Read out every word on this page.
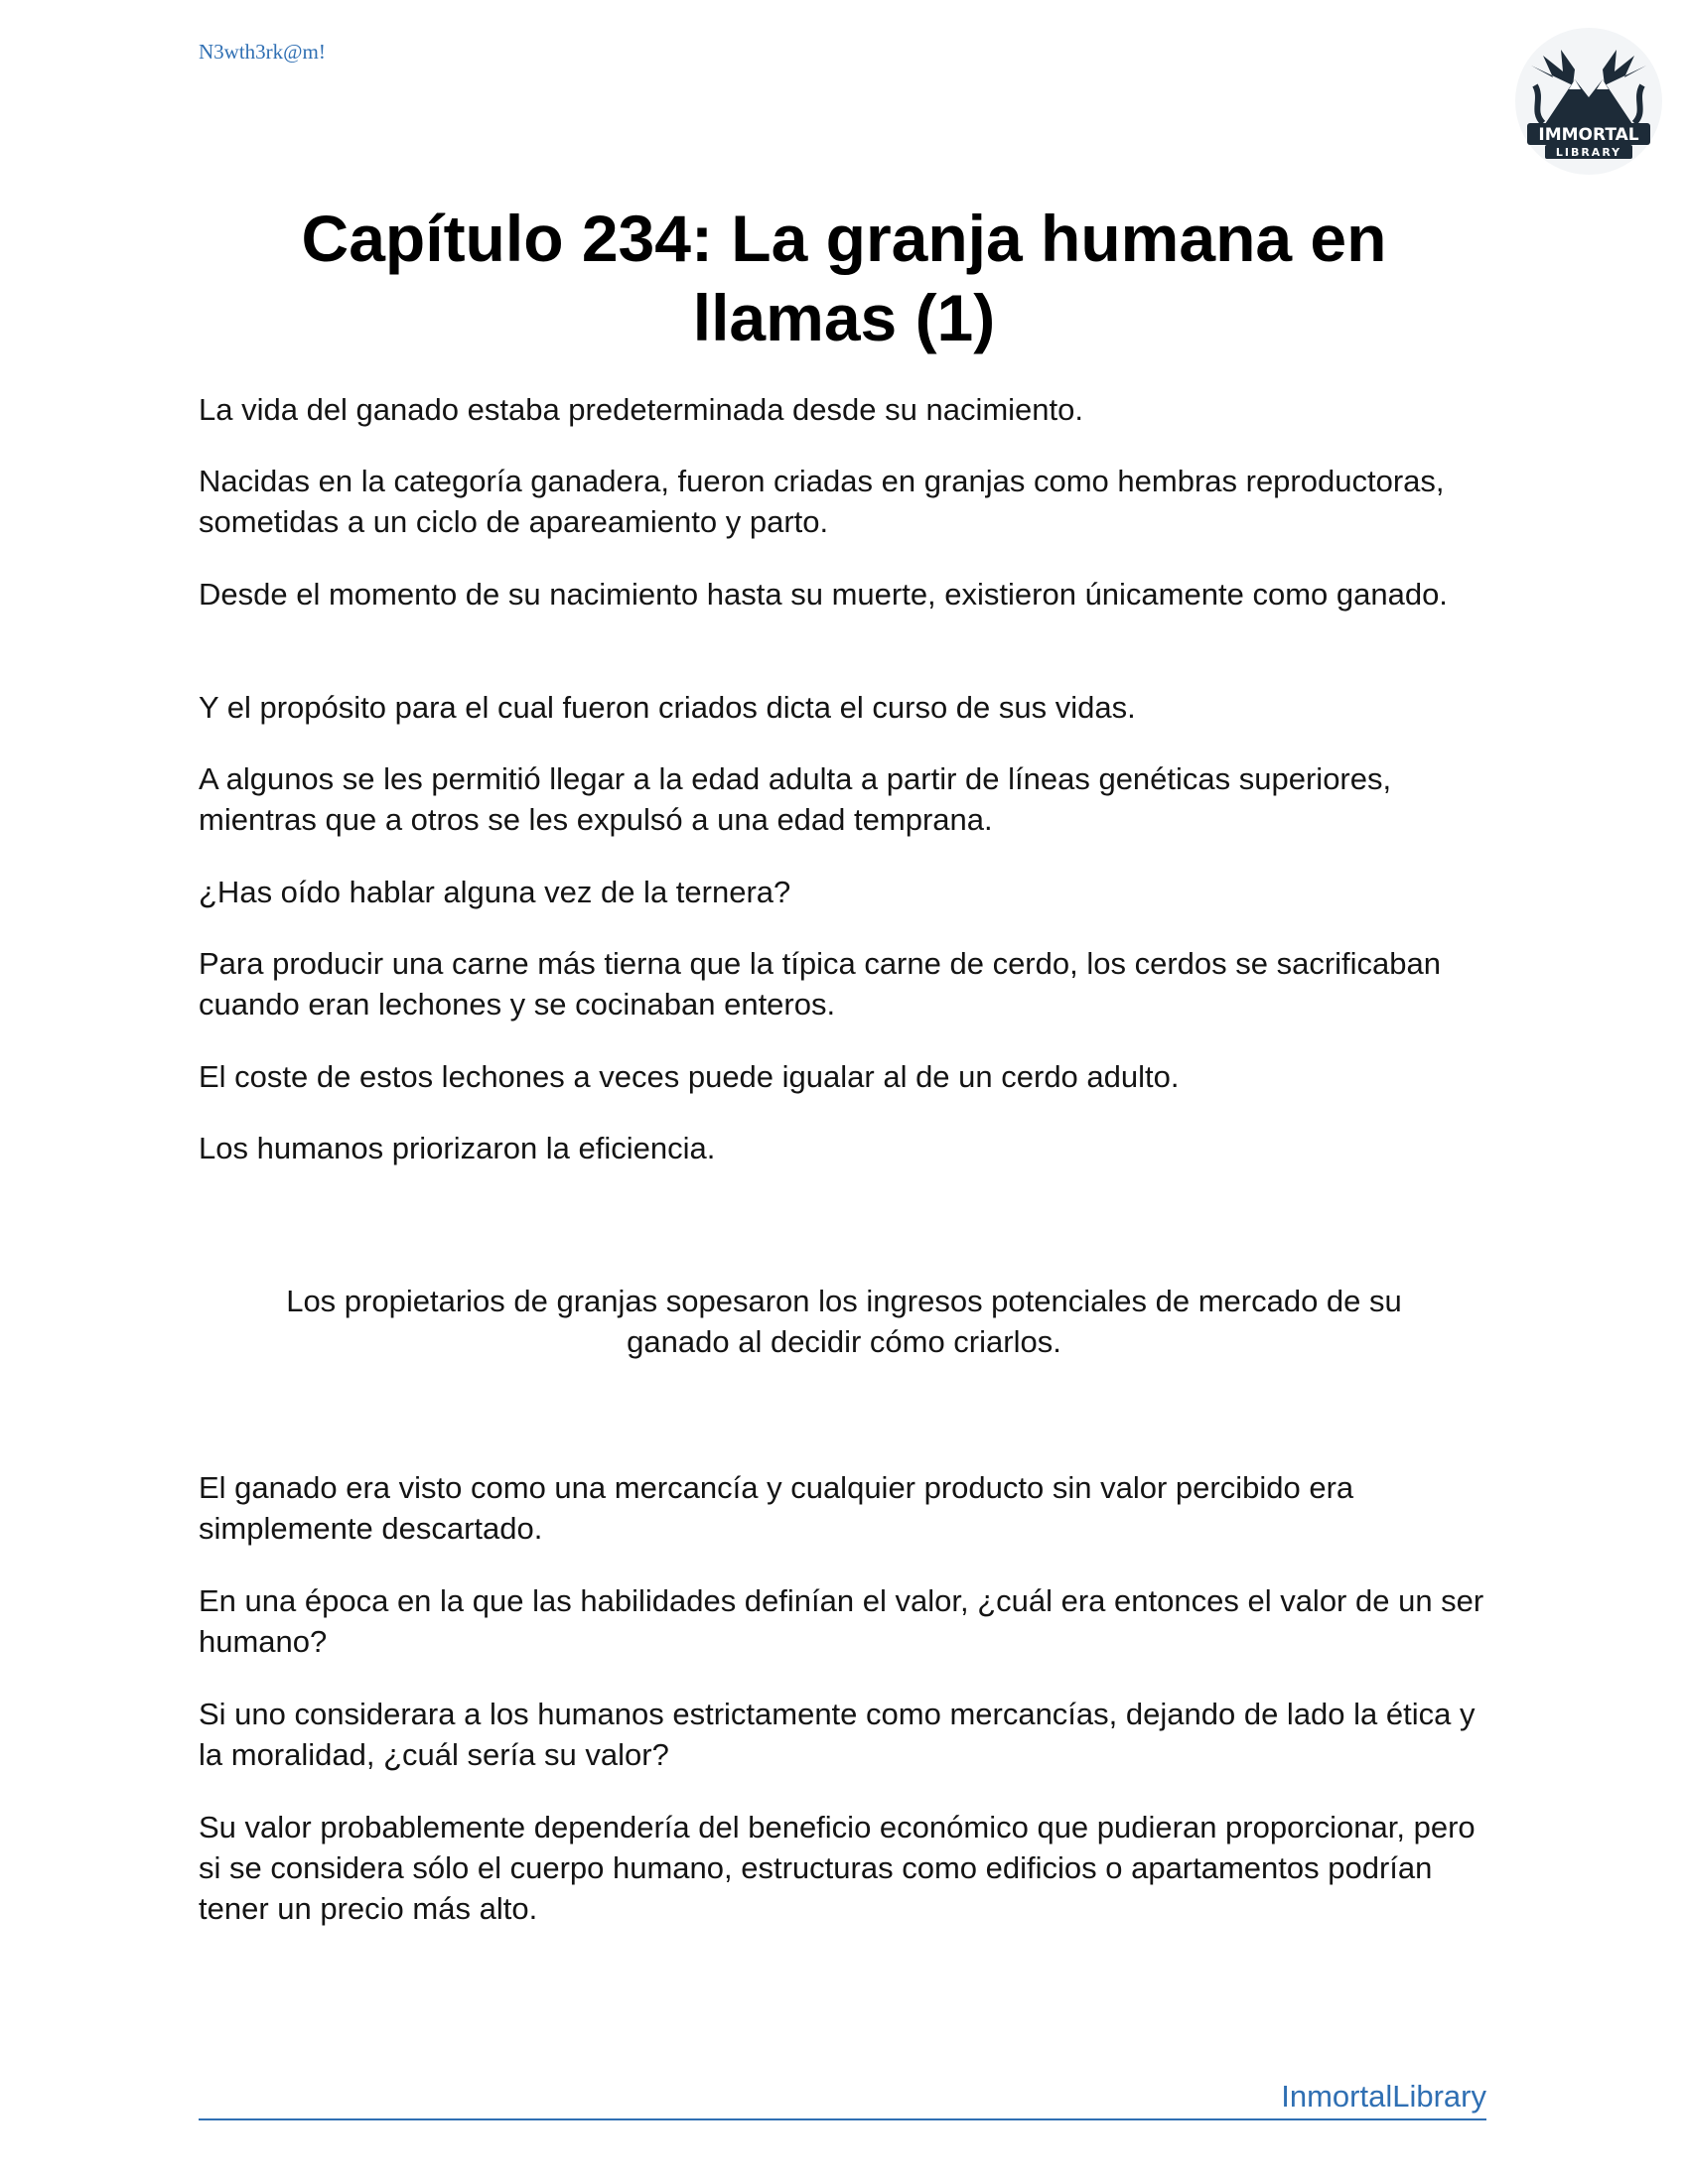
N3wth3rk@m!
IMMORTAL
LIBRARY
Capítulo 234: La granja humana en
llamas (1)

La vida del ganado estaba predeterminada desde su nacimiento.

Nacidas en la categoría ganadera, fueron criadas en granjas como hembras reproductoras, sometidas a un ciclo de apareamiento y parto.

Desde el momento de su nacimiento hasta su muerte, existieron únicamente como ganado.

Y el propósito para el cual fueron criados dicta el curso de sus vidas.

A algunos se les permitió llegar a la edad adulta a partir de líneas genéticas superiores, mientras que a otros se les expulsó a una edad temprana.

¿Has oído hablar alguna vez de la ternera?

Para producir una carne más tierna que la típica carne de cerdo, los cerdos se sacrificaban cuando eran lechones y se cocinaban enteros.

El coste de estos lechones a veces puede igualar al de un cerdo adulto.

Los humanos priorizaron la eficiencia.

Los propietarios de granjas sopesaron los ingresos potenciales de mercado de su ganado al decidir cómo criarlos.

El ganado era visto como una mercancía y cualquier producto sin valor percibido era simplemente descartado.

En una época en la que las habilidades definían el valor, ¿cuál era entonces el valor de un ser humano?

Si uno considerara a los humanos estrictamente como mercancías, dejando de lado la ética y la moralidad, ¿cuál sería su valor?

Su valor probablemente dependería del beneficio económico que pudieran proporcionar, pero si se considera sólo el cuerpo humano, estructuras como edificios o apartamentos podrían tener un precio más alto.

InmortalLibrary
